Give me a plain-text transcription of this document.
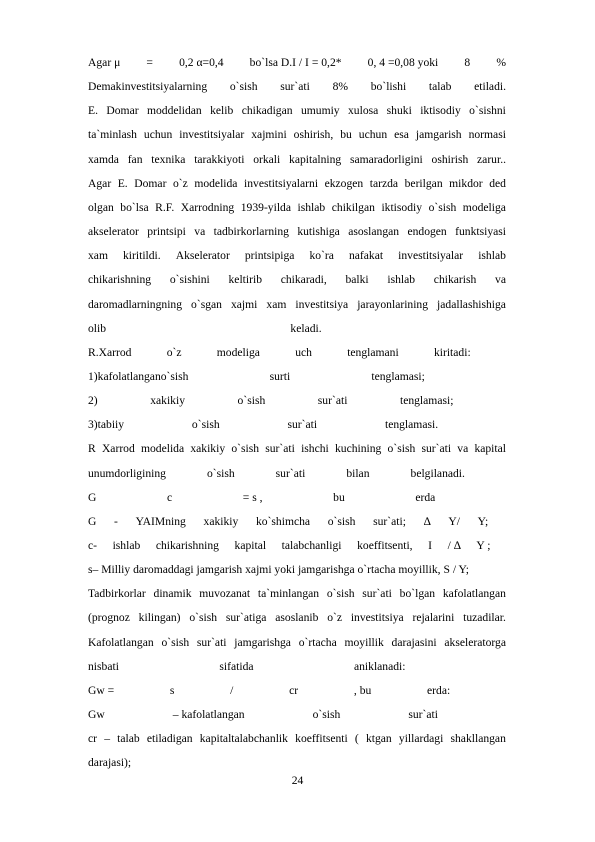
Agar μ = 0,2 α=0,4 bo`lsa D.I / I = 0,2* 0, 4 =0,08 yoki 8 %
Demakinvestitsiyalarning o`sish sur`ati 8% bo`lishi talab etiladi.
E. Domar moddelidan kelib chikadigan umumiy xulosa shuki iktisodiy o`sishni
ta`minlash uchun investitsiyalar xajmini oshirish, bu uchun esa jamgarish normasi
xamda fan texnika tarakkiyoti orkali kapitalning samaradorligini oshirish zarur..
Agar E. Domar o`z modelida investitsiyalarni ekzogen tarzda berilgan mikdor ded
olgan bo`lsa R.F. Xarrodning 1939-yilda ishlab chikilgan iktisodiy o`sish modeliga
akselerator printsipi va tadbirkorlarning kutishiga asoslangan endogen funktsiyasi
xam kiritildi. Akselerator printsipiga ko`ra nafakat investitsiyalar ishlab
chikarishning o`sishini keltirib chikaradi, balki ishlab chikarish va
daromadlarningning o`sgan xajmi xam investitsiya jarayonlarining jadallashishiga
olib	keladi.
R.Xarrod	o`z	modeliga	uch	tenglamani	kiritadi:
1)kafolatlangano`sish	surti	tenglamasi;
2)	xakikiy	o`sish	sur`ati	tenglamasi;
3)tabiiy	o`sish	sur`ati	tenglamasi.
R Xarrod modelida xakikiy o`sish sur`ati ishchi kuchining o`sish sur`ati va kapital
unumdorligining	o`sish	sur`ati	bilan	belgilanadi.
G	c	= s ,	bu	erda
G - YAIMning xakikiy ko`shimcha o`sish sur`ati; ∆ Y/ Y;
c- ishlab chikarishning kapital talabchanligi koeffitsenti, I / ∆ Y ;
s– Milliy daromaddagi jamgarish xajmi yoki jamgarishga o`rtacha moyillik, S / Y;
Tadbirkorlar dinamik muvozanat ta`minlangan o`sish sur`ati bo`lgan kafolatlangan
(prognoz kilingan) o`sish sur`atiga asoslanib o`z investitsiya rejalarini tuzadilar.
Kafolatlangan o`sish sur`ati jamgarishga o`rtacha moyillik darajasini akseleratorga
nisbati	sifatida	aniklanadi:
Gw =	s	/	cr	, bu	erda:
Gw	– kafolatlangan	o`sish	sur`ati
cr – talab etiladigan kapitaltalabchanlik koeffitsenti ( ktgan yillardagi shakllangan
darajasi);
24
